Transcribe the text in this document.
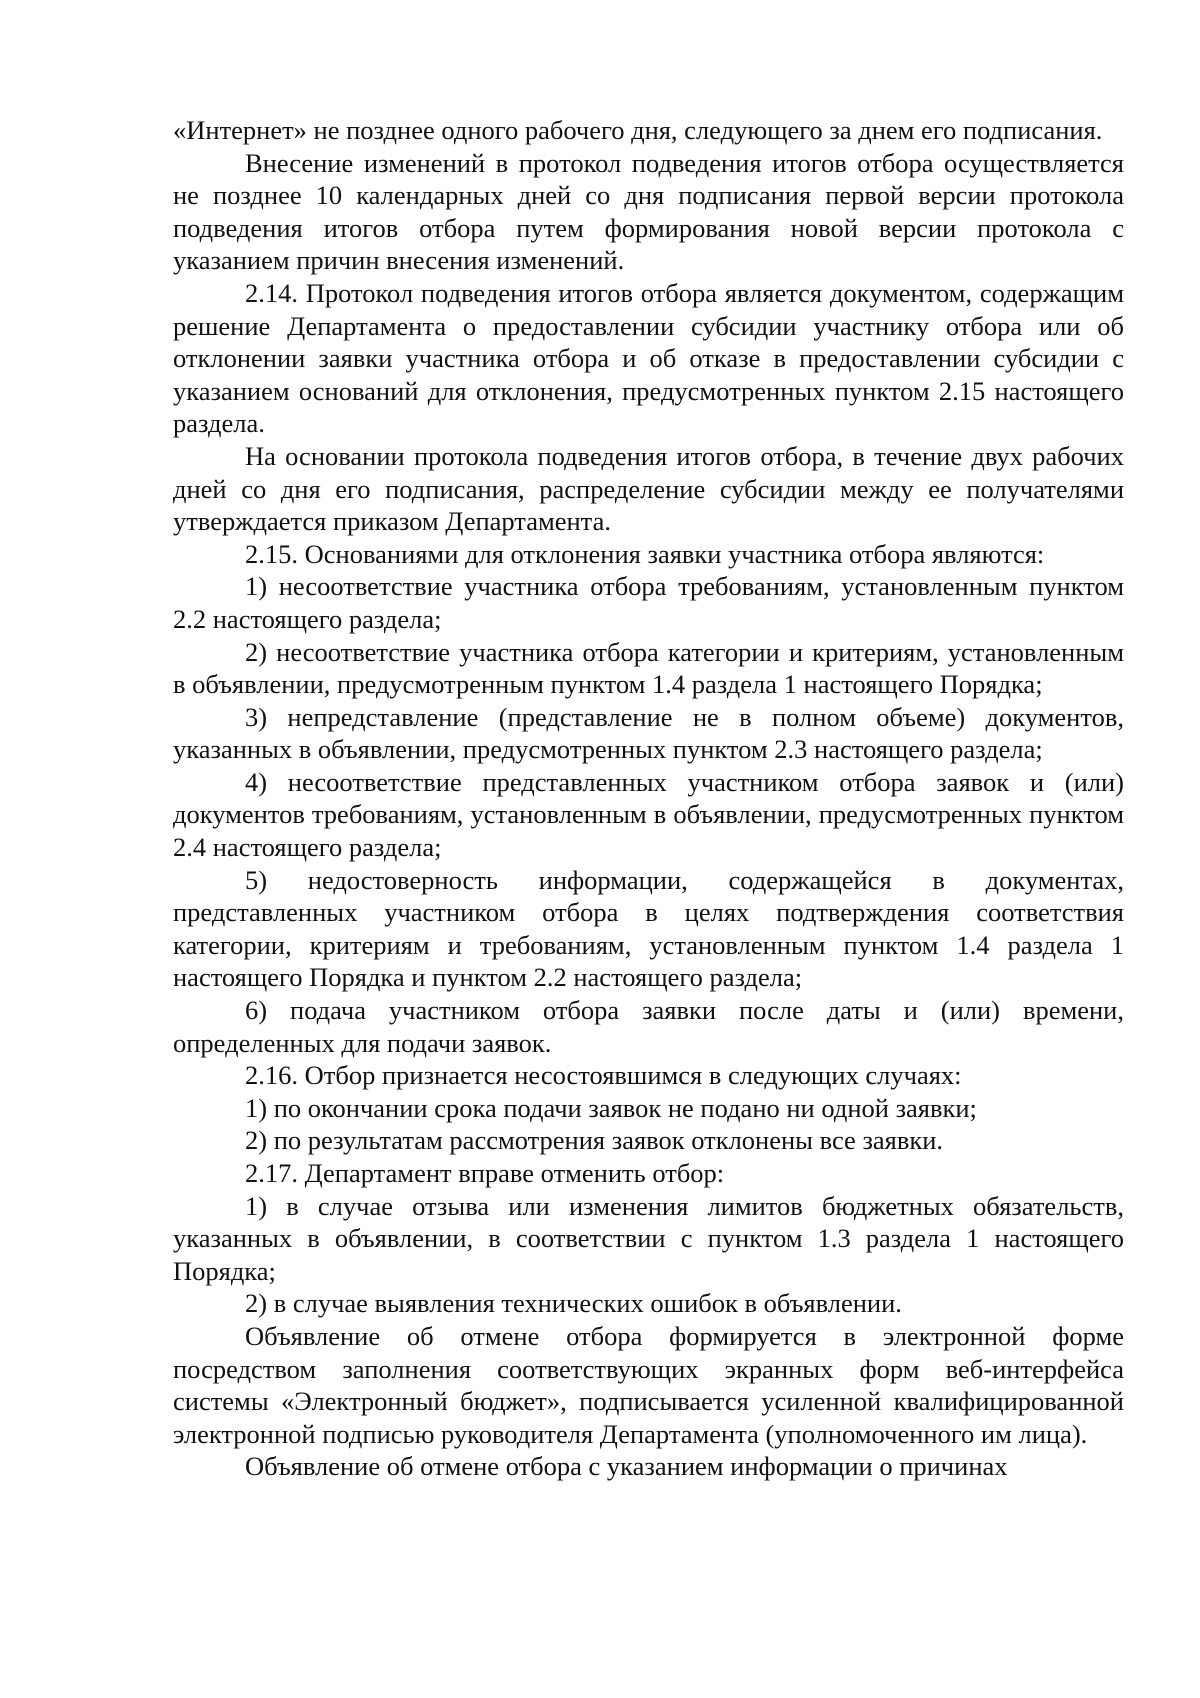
«Интернет» не позднее одного рабочего дня, следующего за днем его подписания.

Внесение изменений в протокол подведения итогов отбора осуществляется не позднее 10 календарных дней со дня подписания первой версии протокола подведения итогов отбора путем формирования новой версии протокола с указанием причин внесения изменений.

2.14. Протокол подведения итогов отбора является документом, содержащим решение Департамента о предоставлении субсидии участнику отбора или об отклонении заявки участника отбора и об отказе в предоставлении субсидии с указанием оснований для отклонения, предусмотренных пунктом 2.15 настоящего раздела.

На основании протокола подведения итогов отбора, в течение двух рабочих дней со дня его подписания, распределение субсидии между ее получателями утверждается приказом Департамента.

2.15. Основаниями для отклонения заявки участника отбора являются:

1) несоответствие участника отбора требованиям, установленным пунктом 2.2 настоящего раздела;

2) несоответствие участника отбора категории и критериям, установленным в объявлении, предусмотренным пунктом 1.4 раздела 1 настоящего Порядка;

3) непредставление (представление не в полном объеме) документов, указанных в объявлении, предусмотренных пунктом 2.3 настоящего раздела;

4) несоответствие представленных участником отбора заявок и (или) документов требованиям, установленным в объявлении, предусмотренных пунктом 2.4 настоящего раздела;

5) недостоверность информации, содержащейся в документах, представленных участником отбора в целях подтверждения соответствия категории, критериям и требованиям, установленным пунктом 1.4 раздела 1 настоящего Порядка и пунктом 2.2 настоящего раздела;

6) подача участником отбора заявки после даты и (или) времени, определенных для подачи заявок.

2.16. Отбор признается несостоявшимся в следующих случаях:

1) по окончании срока подачи заявок не подано ни одной заявки;

2) по результатам рассмотрения заявок отклонены все заявки.

2.17. Департамент вправе отменить отбор:

1) в случае отзыва или изменения лимитов бюджетных обязательств, указанных в объявлении, в соответствии с пунктом 1.3 раздела 1 настоящего Порядка;

2) в случае выявления технических ошибок в объявлении.

Объявление об отмене отбора формируется в электронной форме посредством заполнения соответствующих экранных форм веб-интерфейса системы «Электронный бюджет», подписывается усиленной квалифицированной электронной подписью руководителя Департамента (уполномоченного им лица).

Объявление об отмене отбора с указанием информации о причинах
